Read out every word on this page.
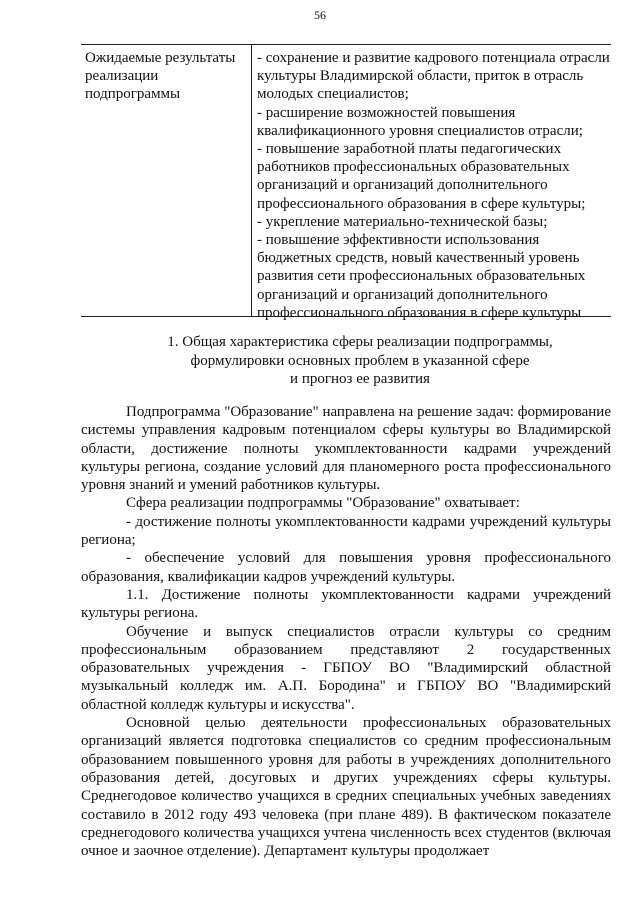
56
Ожидаемые результаты реализации подпрограммы
- сохранение и развитие кадрового потенциала отрасли
культуры Владимирской области, приток в отрасль
молодых специалистов;
- расширение возможностей повышения
квалификационного уровня специалистов отрасли;
- повышение заработной платы педагогических
работников профессиональных образовательных
организаций и организаций дополнительного
профессионального образования в сфере культуры;
- укрепление материально-технической базы;
- повышение эффективности использования
бюджетных средств, новый качественный уровень
развития сети профессиональных образовательных
организаций и организаций дополнительного
профессионального образования в сфере культуры
1. Общая характеристика сферы реализации подпрограммы,
формулировки основных проблем в указанной сфере
и прогноз ее развития
Подпрограмма "Образование" направлена на решение задач: формирование системы управления кадровым потенциалом сферы культуры во Владимирской области, достижение полноты укомплектованности кадрами учреждений культуры региона, создание условий для планомерного роста профессионального уровня знаний и умений работников культуры.
Сфера реализации подпрограммы "Образование" охватывает:
- достижение полноты укомплектованности кадрами учреждений культуры региона;
- обеспечение условий для повышения уровня профессионального образования, квалификации кадров учреждений культуры.
1.1. Достижение полноты укомплектованности кадрами учреждений культуры региона.
Обучение и выпуск специалистов отрасли культуры со средним профессиональным образованием представляют 2 государственных образовательных учреждения - ГБПОУ ВО "Владимирский областной музыкальный колледж им. А.П. Бородина" и ГБПОУ ВО "Владимирский областной колледж культуры и искусства".
Основной целью деятельности профессиональных образовательных организаций является подготовка специалистов со средним профессиональным образованием повышенного уровня для работы в учреждениях дополнительного образования детей, досуговых и других учреждениях сферы культуры. Среднегодовое количество учащихся в средних специальных учебных заведениях составило в 2012 году 493 человека (при плане 489). В фактическом показателе среднегодового количества учащихся учтена численность всех студентов (включая очное и заочное отделение). Департамент культуры продолжает
